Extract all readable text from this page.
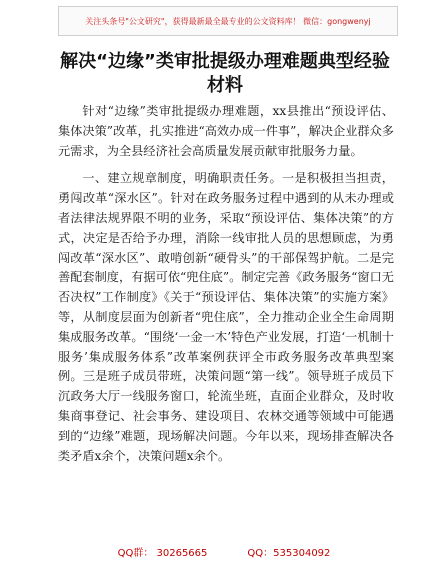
关注头条号"公文研究"，获得最新最全最专业的公文资料库！ 微信：gongwenyj
解决“边缘”类审批提级办理难题典型经验材料

针对“边缘”类审批提级办理难题，xx县推出“预设评估、集体决策”改革，扎实推进“高效办成一件事”，解决企业群众多元需求，为全县经济社会高质量发展贡献审批服务力量。

一、建立规章制度，明确职责任务。一是积极担当担责，勇闯改革“深水区”。针对在政务服务过程中遇到的从未办理或者法律法规界限不明的业务，采取“预设评估、集体决策”的方式，决定是否给予办理，消除一线审批人员的思想顾虑，为勇闯改革“深水区”、敢啃创新“硬骨头”的干部保驾护航。二是完善配套制度，有据可依“兜住底”。制定完善《政务服务“窗口无否决权”工作制度》《关于“预设评估、集体决策”的实施方案》等，从制度层面为创新者“兜住底”，全力推动企业全生命周期集成服务改革。“围绕‘一金一木’特色产业发展，打造‘一机制十服务’集成服务体系”改革案例获评全市政务服务改革典型案例。三是班子成员带班，决策问题“第一线”。领导班子成员下沉政务大厅一线服务窗口，轮流坐班，直面企业群众，及时收集商事登记、社会事务、建设项目、农林交通等领域中可能遇到的“边缘”难题，现场解决问题。今年以来，现场排查解决各类矛盾x余个，决策问题x余个。

QQ群： 30265665	QQ：535304092
